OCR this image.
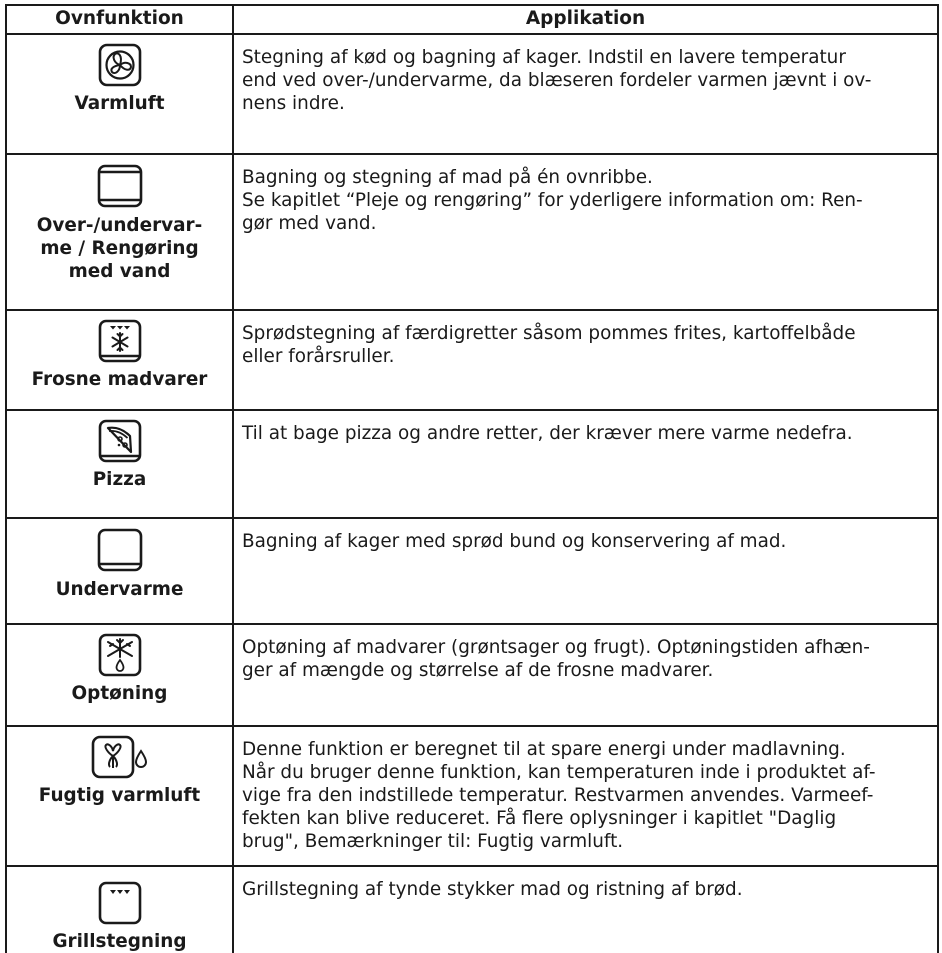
Ovnfunktion	Applikation

Varmluft	Stegning af kød og bagning af kager. Indstil en lavere temperatur
end ved over-/undervarme, da blæseren fordeler varmen jævnt i ov-
nens indre.

Over-/undervar-
me / Rengøring
med vand	Bagning og stegning af mad på én ovnribbe.
Se kapitlet “Pleje og rengøring” for yderligere information om: Ren-
gør med vand.

Frosne madvarer	Sprødstegning af færdigretter såsom pommes frites, kartoffelbåde
eller forårsruller.

Pizza	Til at bage pizza og andre retter, der kræver mere varme nedefra.

Undervarme	Bagning af kager med sprød bund og konservering af mad.

Optøning	Optøning af madvarer (grøntsager og frugt). Optøningstiden afhæn-
ger af mængde og størrelse af de frosne madvarer.

Fugtig varmluft	Denne funktion er beregnet til at spare energi under madlavning.
Når du bruger denne funktion, kan temperaturen inde i produktet af-
vige fra den indstillede temperatur. Restvarmen anvendes. Varmeef-
fekten kan blive reduceret. Få flere oplysninger i kapitlet "Daglig
brug", Bemærkninger til: Fugtig varmluft.

Grillstegning	Grillstegning af tynde stykker mad og ristning af brød.
